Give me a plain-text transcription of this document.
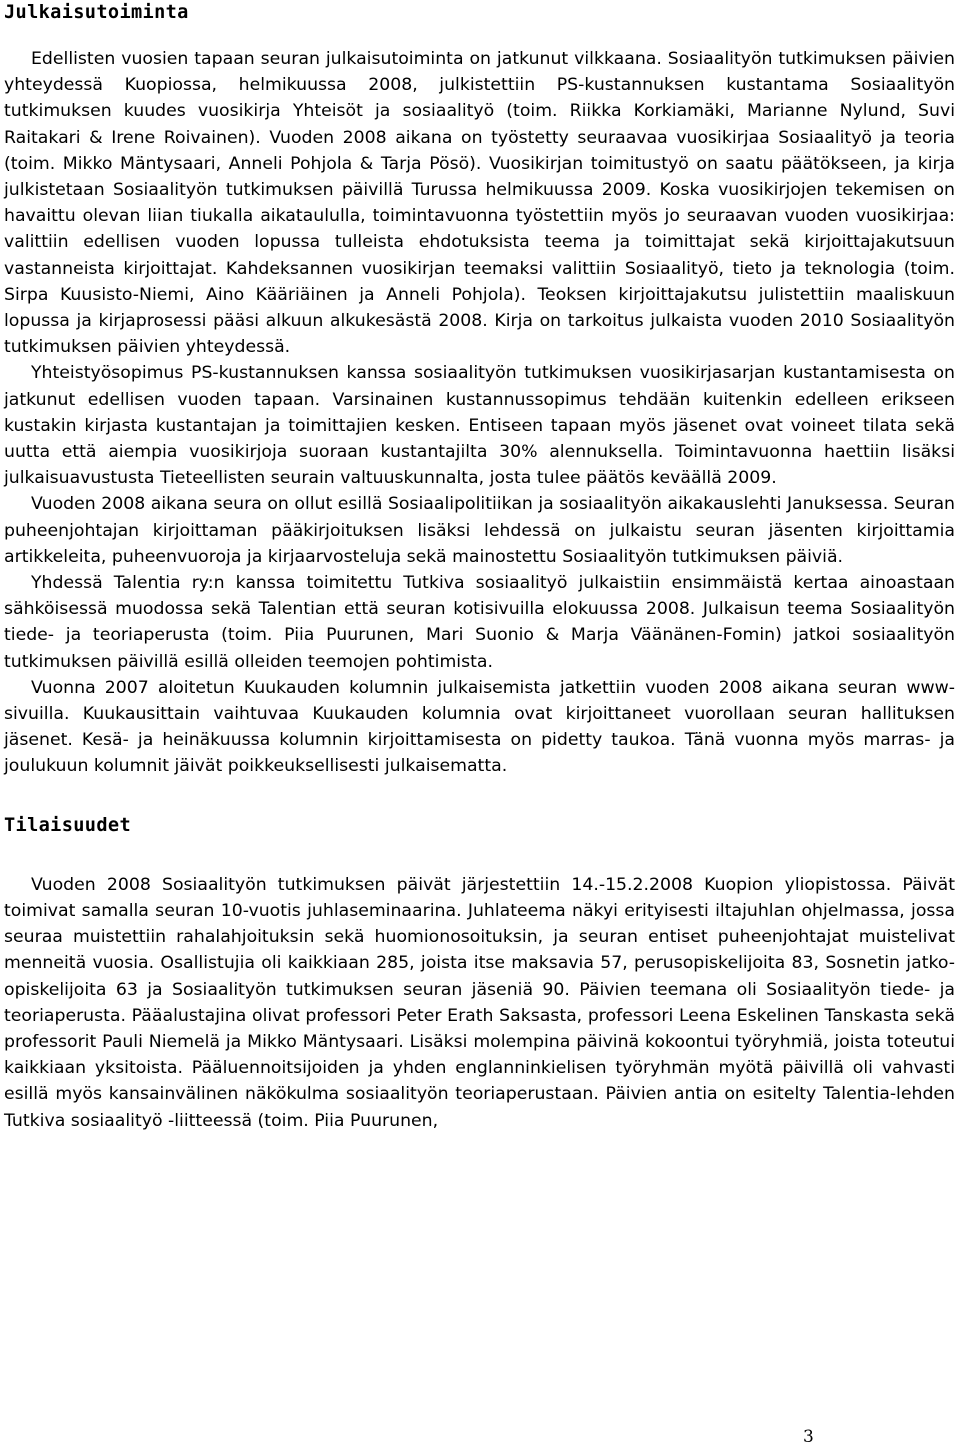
Julkaisutoiminta

Edellisten vuosien tapaan seuran julkaisutoiminta on jatkunut vilkkaana. Sosiaalityön tutkimuksen päivien yhteydessä Kuopiossa, helmikuussa 2008, julkistettiin PS-kustannuksen kustantama Sosiaalityön tutkimuksen kuudes vuosikirja Yhteisöt ja sosiaalityö (toim. Riikka Korkiamäki, Marianne Nylund, Suvi Raitakari & Irene Roivainen). Vuoden 2008 aikana on työstetty seuraavaa vuosikirjaa Sosiaalityö ja teoria (toim. Mikko Mäntysaari, Anneli Pohjola & Tarja Pösö). Vuosikirjan toimitustyö on saatu päätökseen, ja kirja julkistetaan Sosiaalityön tutkimuksen päivillä Turussa helmikuussa 2009. Koska vuosikirjojen tekemisen on havaittu olevan liian tiukalla aikataululla, toimintavuonna työstettiin myös jo seuraavan vuoden vuosikirjaa: valittiin edellisen vuoden lopussa tulleista ehdotuksista teema ja toimittajat sekä kirjoittajakutsuun vastanneista kirjoittajat. Kahdeksannen vuosikirjan teemaksi valittiin Sosiaalityö, tieto ja teknologia (toim. Sirpa Kuusisto-Niemi, Aino Kääriäinen ja Anneli Pohjola). Teoksen kirjoittajakutsu julistettiin maaliskuun lopussa ja kirjaprosessi pääsi alkuun alkukesästä 2008. Kirja on tarkoitus julkaista vuoden 2010 Sosiaalityön tutkimuksen päivien yhteydessä.

Yhteistyösopimus PS-kustannuksen kanssa sosiaalityön tutkimuksen vuosikirjasarjan kustantamisesta on jatkunut edellisen vuoden tapaan. Varsinainen kustannussopimus tehdään kuitenkin edelleen erikseen kustakin kirjasta kustantajan ja toimittajien kesken. Entiseen tapaan myös jäsenet ovat voineet tilata sekä uutta että aiempia vuosikirjoja suoraan kustantajilta 30% alennuksella. Toimintavuonna haettiin lisäksi julkaisuavustusta Tieteellisten seurain valtuuskunnalta, josta tulee päätös keväällä 2009.

Vuoden 2008 aikana seura on ollut esillä Sosiaalipolitiikan ja sosiaalityön aikakauslehti Januksessa. Seuran puheenjohtajan kirjoittaman pääkirjoituksen lisäksi lehdessä on julkaistu seuran jäsenten kirjoittamia artikkeleita, puheenvuoroja ja kirjaarvosteluja sekä mainostettu Sosiaalityön tutkimuksen päiviä.

Yhdessä Talentia ry:n kanssa toimitettu Tutkiva sosiaalityö julkaistiin ensimmäistä kertaa ainoastaan sähköisessä muodossa sekä Talentian että seuran kotisivuilla elokuussa 2008. Julkaisun teema Sosiaalityön tiede- ja teoriaperusta (toim. Piia Puurunen, Mari Suonio & Marja Väänänen-Fomin) jatkoi sosiaalityön tutkimuksen päivillä esillä olleiden teemojen pohtimista.

Vuonna 2007 aloitetun Kuukauden kolumnin julkaisemista jatkettiin vuoden 2008 aikana seuran www-sivuilla. Kuukausittain vaihtuvaa Kuukauden kolumnia ovat kirjoittaneet vuorollaan seuran hallituksen jäsenet. Kesä- ja heinäkuussa kolumnin kirjoittamisesta on pidetty taukoa. Tänä vuonna myös marras- ja joulukuun kolumnit jäivät poikkeuksellisesti julkaisematta.

Tilaisuudet

Vuoden 2008 Sosiaalityön tutkimuksen päivät järjestettiin 14.-15.2.2008 Kuopion yliopistossa. Päivät toimivat samalla seuran 10-vuotis juhlaseminaarina. Juhlateema näkyi erityisesti iltajuhlan ohjelmassa, jossa seuraa muistettiin rahalahjoituksin sekä huomionosoituksin, ja seuran entiset puheenjohtajat muistelivat menneitä vuosia. Osallistujia oli kaikkiaan 285, joista itse maksavia 57, perusopiskelijoita 83, Sosnetin jatko-opiskelijoita 63 ja Sosiaalityön tutkimuksen seuran jäseniä 90. Päivien teemana oli Sosiaalityön tiede- ja teoriaperusta. Pääalustajina olivat professori Peter Erath Saksasta, professori Leena Eskelinen Tanskasta sekä professorit Pauli Niemelä ja Mikko Mäntysaari. Lisäksi molempina päivinä kokoontui työryhmiä, joista toteutui kaikkiaan yksitoista. Pääluennoitsijoiden ja yhden englanninkielisen työryhmän myötä päivillä oli vahvasti esillä myös kansainvälinen näkökulma sosiaalityön teoriaperustaan. Päivien antia on esitelty Talentia-lehden Tutkiva sosiaalityö -liitteessä (toim. Piia Puurunen,

3
